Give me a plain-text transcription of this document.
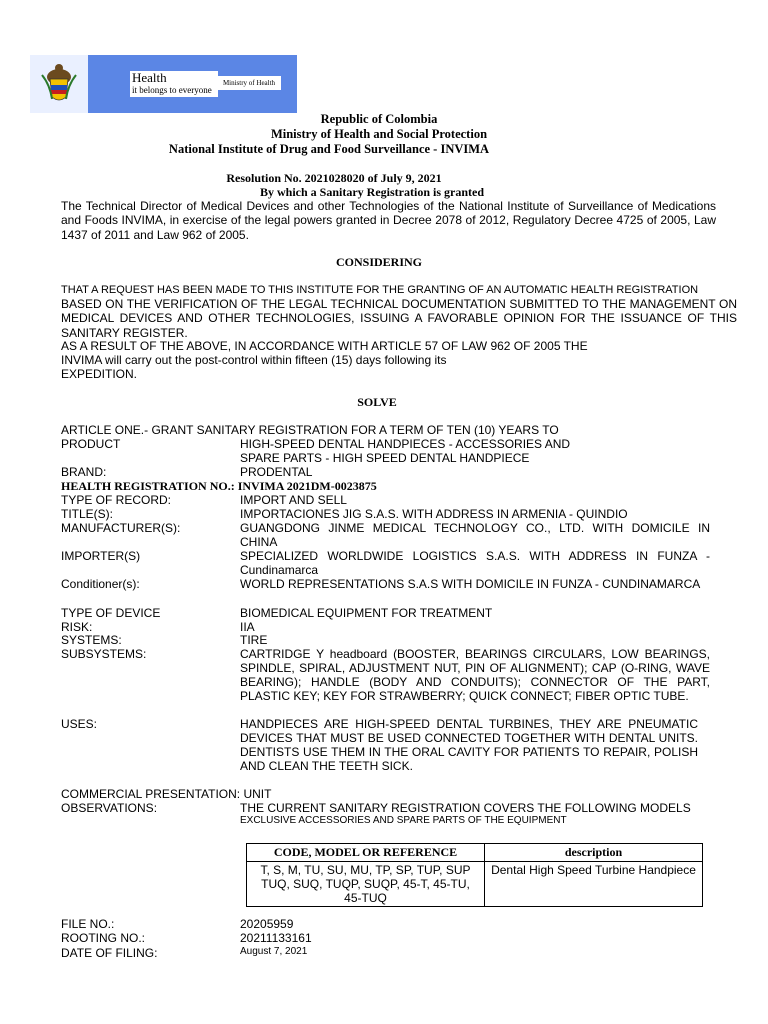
Health
it belongs to everyone
Ministry of Health
Republic of Colombia
Ministry of Health and Social Protection
National Institute of Drug and Food Surveillance - INVIMA
Resolution No. 2021028020 of July 9, 2021
By which a Sanitary Registration is granted
The Technical Director of Medical Devices and other Technologies of the National Institute of Surveillance of Medications and Foods INVIMA, in exercise of the legal powers granted in Decree 2078 of 2012, Regulatory Decree 4725 of 2005, Law 1437 of 2011 and Law 962 of 2005.
CONSIDERING
THAT A REQUEST HAS BEEN MADE TO THIS INSTITUTE FOR THE GRANTING OF AN AUTOMATIC HEALTH REGISTRATION
BASED ON THE VERIFICATION OF THE LEGAL TECHNICAL DOCUMENTATION SUBMITTED TO THE MANAGEMENT ON MEDICAL DEVICES AND OTHER TECHNOLOGIES, ISSUING A FAVORABLE OPINION FOR THE ISSUANCE OF THIS SANITARY REGISTER.
AS A RESULT OF THE ABOVE, IN ACCORDANCE WITH ARTICLE 57 OF LAW 962 OF 2005 THE
INVIMA will carry out the post-control within fifteen (15) days following its
EXPEDITION.
SOLVE
ARTICLE ONE.- GRANT SANITARY REGISTRATION FOR A TERM OF TEN (10) YEARS TO
PRODUCT	HIGH-SPEED DENTAL HANDPIECES - ACCESSORIES AND SPARE PARTS - HIGH SPEED DENTAL HANDPIECE
BRAND:	PRODENTAL
HEALTH REGISTRATION NO.: INVIMA 2021DM-0023875
TYPE OF RECORD:	IMPORT AND SELL
TITLE(S):	IMPORTACIONES JIG S.A.S. WITH ADDRESS IN ARMENIA - QUINDIO
MANUFACTURER(S):	GUANGDONG JINME MEDICAL TECHNOLOGY CO., LTD. WITH DOMICILE IN CHINA
IMPORTER(S)	SPECIALIZED WORLDWIDE LOGISTICS S.A.S. WITH ADDRESS IN FUNZA - Cundinamarca
Conditioner(s):	WORLD REPRESENTATIONS S.A.S WITH DOMICILE IN FUNZA - CUNDINAMARCA
TYPE OF DEVICE	BIOMEDICAL EQUIPMENT FOR TREATMENT
RISK:	IIA
SYSTEMS:	TIRE
SUBSYSTEMS:	CARTRIDGE Y headboard (BOOSTER, BEARINGS CIRCULARS, LOW BEARINGS, SPINDLE, SPIRAL, ADJUSTMENT NUT, PIN OF ALIGNMENT); CAP (O-RING, WAVE BEARING); HANDLE (BODY AND CONDUITS); CONNECTOR OF THE PART, PLASTIC KEY; KEY FOR STRAWBERRY; QUICK CONNECT; FIBER OPTIC TUBE.
USES:	HANDPIECES ARE HIGH-SPEED DENTAL TURBINES, THEY ARE PNEUMATIC DEVICES THAT MUST BE USED CONNECTED TOGETHER WITH DENTAL UNITS. DENTISTS USE THEM IN THE ORAL CAVITY FOR PATIENTS TO REPAIR, POLISH AND CLEAN THE TEETH SICK.
COMMERCIAL PRESENTATION: UNIT
OBSERVATIONS:	THE CURRENT SANITARY REGISTRATION COVERS THE FOLLOWING MODELS
EXCLUSIVE ACCESSORIES AND SPARE PARTS OF THE EQUIPMENT
CODE, MODEL OR REFERENCE	description
T, S, M, TU, SU, MU, TP, SP, TUP, SUP TUQ, SUQ, TUQP, SUQP, 45-T, 45-TU, 45-TUQ	Dental High Speed Turbine Handpiece
FILE NO.:	20205959
ROOTING NO.:	20211133161
DATE OF FILING:	August 7, 2021
